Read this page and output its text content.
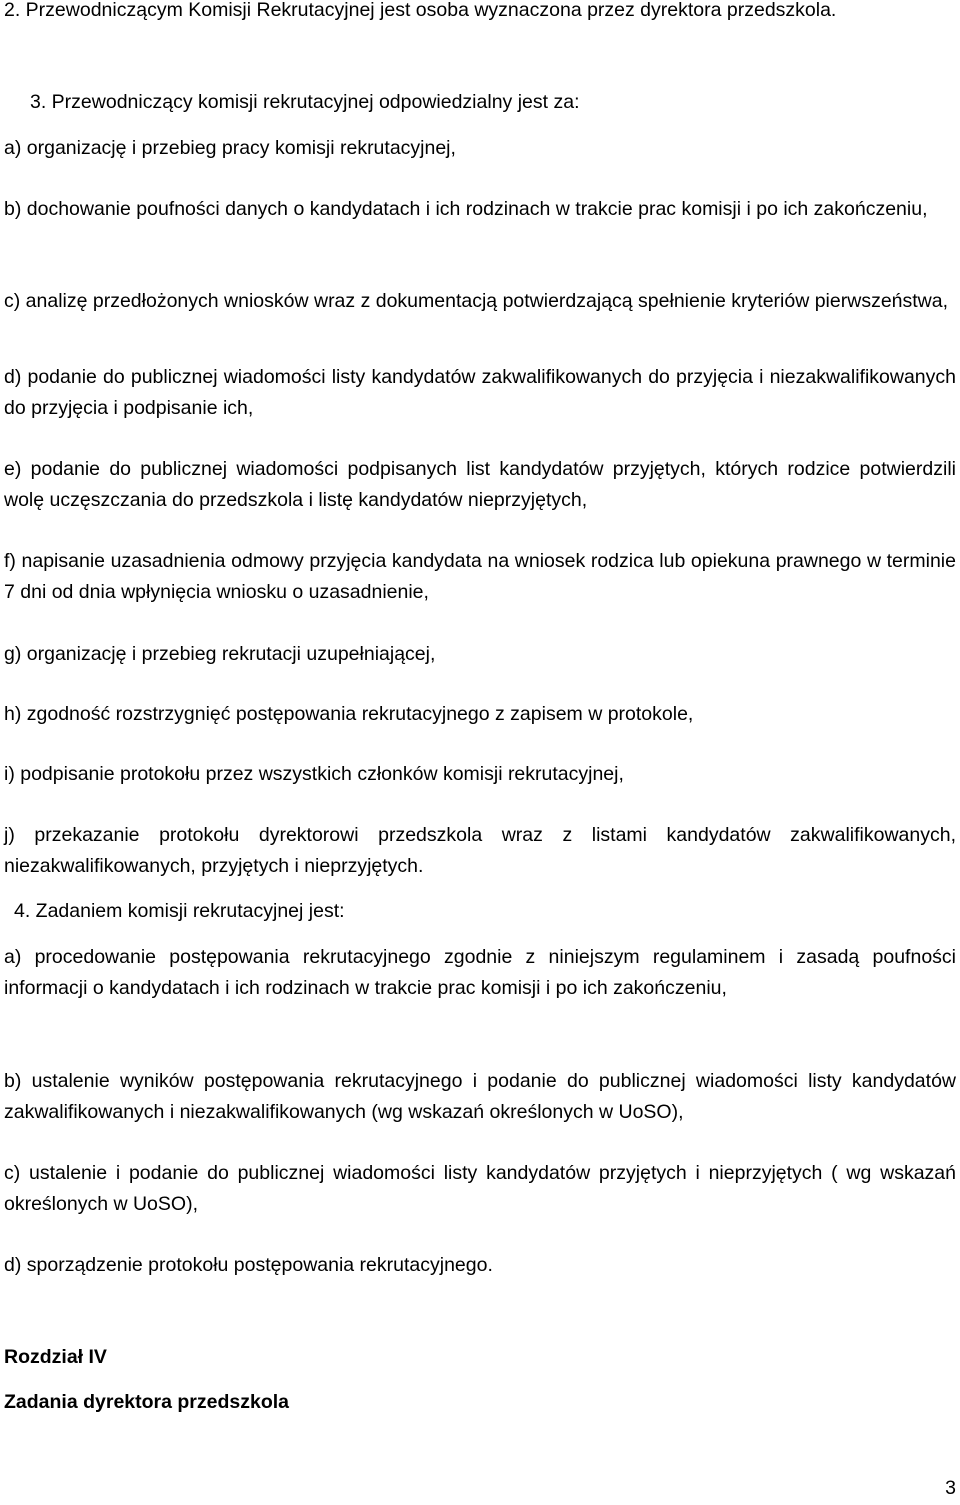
2. Przewodniczącym Komisji Rekrutacyjnej jest osoba wyznaczona przez dyrektora przedszkola.

3. Przewodniczący komisji rekrutacyjnej odpowiedzialny jest za:

a) organizację i przebieg pracy komisji rekrutacyjnej,

b) dochowanie poufności danych o kandydatach i ich rodzinach w trakcie prac komisji i po ich zakończeniu,

c) analizę przedłożonych wniosków wraz z dokumentacją potwierdzającą spełnienie kryteriów pierwszeństwa,

d) podanie do publicznej wiadomości listy kandydatów zakwalifikowanych do przyjęcia i niezakwalifikowanych do przyjęcia i podpisanie ich,

e) podanie do publicznej wiadomości podpisanych list kandydatów przyjętych, których rodzice potwierdzili wolę uczęszczania do przedszkola i listę kandydatów nieprzyjętych,

f) napisanie uzasadnienia odmowy przyjęcia kandydata na wniosek rodzica lub opiekuna prawnego w terminie 7 dni od dnia wpłynięcia wniosku o uzasadnienie,

g) organizację i przebieg rekrutacji uzupełniającej,

h) zgodność rozstrzygnięć postępowania rekrutacyjnego z zapisem w protokole,

i) podpisanie protokołu przez wszystkich członków komisji rekrutacyjnej,

j) przekazanie protokołu dyrektorowi przedszkola wraz z listami kandydatów zakwalifikowanych, niezakwalifikowanych, przyjętych i nieprzyjętych.

4. Zadaniem komisji rekrutacyjnej jest:

a) procedowanie postępowania rekrutacyjnego zgodnie z niniejszym regulaminem i zasadą poufności informacji o kandydatach i ich rodzinach w trakcie prac komisji i po ich zakończeniu,

b) ustalenie wyników postępowania rekrutacyjnego i podanie do publicznej wiadomości listy kandydatów zakwalifikowanych i niezakwalifikowanych (wg wskazań określonych w UoSO),

c) ustalenie i podanie do publicznej wiadomości listy kandydatów przyjętych i nieprzyjętych ( wg wskazań określonych w UoSO),

d) sporządzenie protokołu postępowania rekrutacyjnego.

Rozdział IV

Zadania dyrektora przedszkola

3
